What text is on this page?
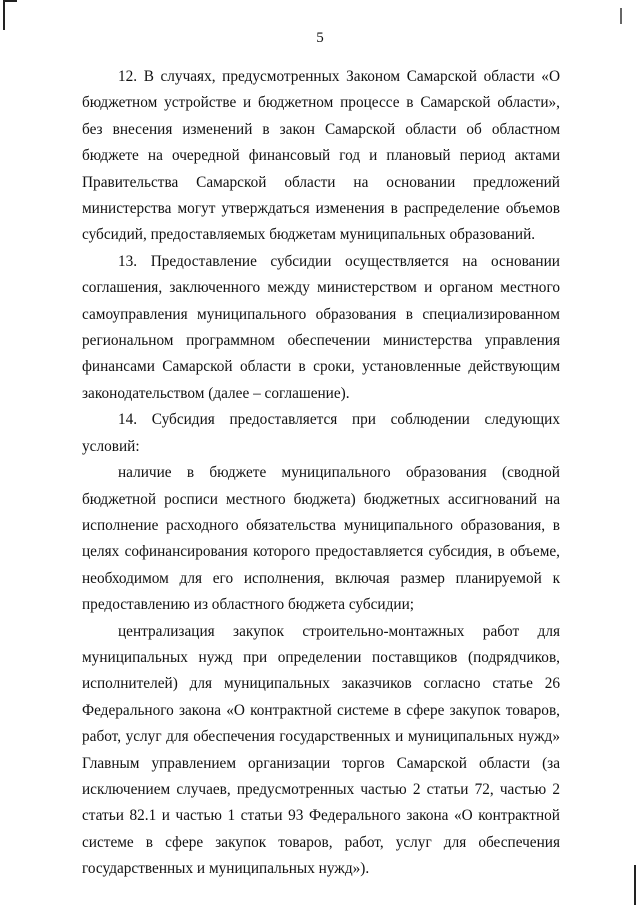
5

12. В случаях, предусмотренных Законом Самарской области «О бюджетном устройстве и бюджетном процессе в Самарской области», без внесения изменений в закон Самарской области об областном бюджете на очередной финансовый год и плановый период актами Правительства Самарской области на основании предложений министерства могут утверждаться изменения в распределение объемов субсидий, предоставляемых бюджетам муниципальных образований.

13. Предоставление субсидии осуществляется на основании соглашения, заключенного между министерством и органом местного самоуправления муниципального образования в специализированном региональном программном обеспечении министерства управления финансами Самарской области в сроки, установленные действующим законодательством (далее – соглашение).

14. Субсидия предоставляется при соблюдении следующих условий:

наличие в бюджете муниципального образования (сводной бюджетной росписи местного бюджета) бюджетных ассигнований на исполнение расходного обязательства муниципального образования, в целях софинансирования которого предоставляется субсидия, в объеме, необходимом для его исполнения, включая размер планируемой к предоставлению из областного бюджета субсидии;

централизация закупок строительно-монтажных работ для муниципальных нужд при определении поставщиков (подрядчиков, исполнителей) для муниципальных заказчиков согласно статье 26 Федерального закона «О контрактной системе в сфере закупок товаров, работ, услуг для обеспечения государственных и муниципальных нужд» Главным управлением организации торгов Самарской области (за исключением случаев, предусмотренных частью 2 статьи 72, частью 2 статьи 82.1 и частью 1 статьи 93 Федерального закона «О контрактной системе в сфере закупок товаров, работ, услуг для обеспечения государственных и муниципальных нужд»).
